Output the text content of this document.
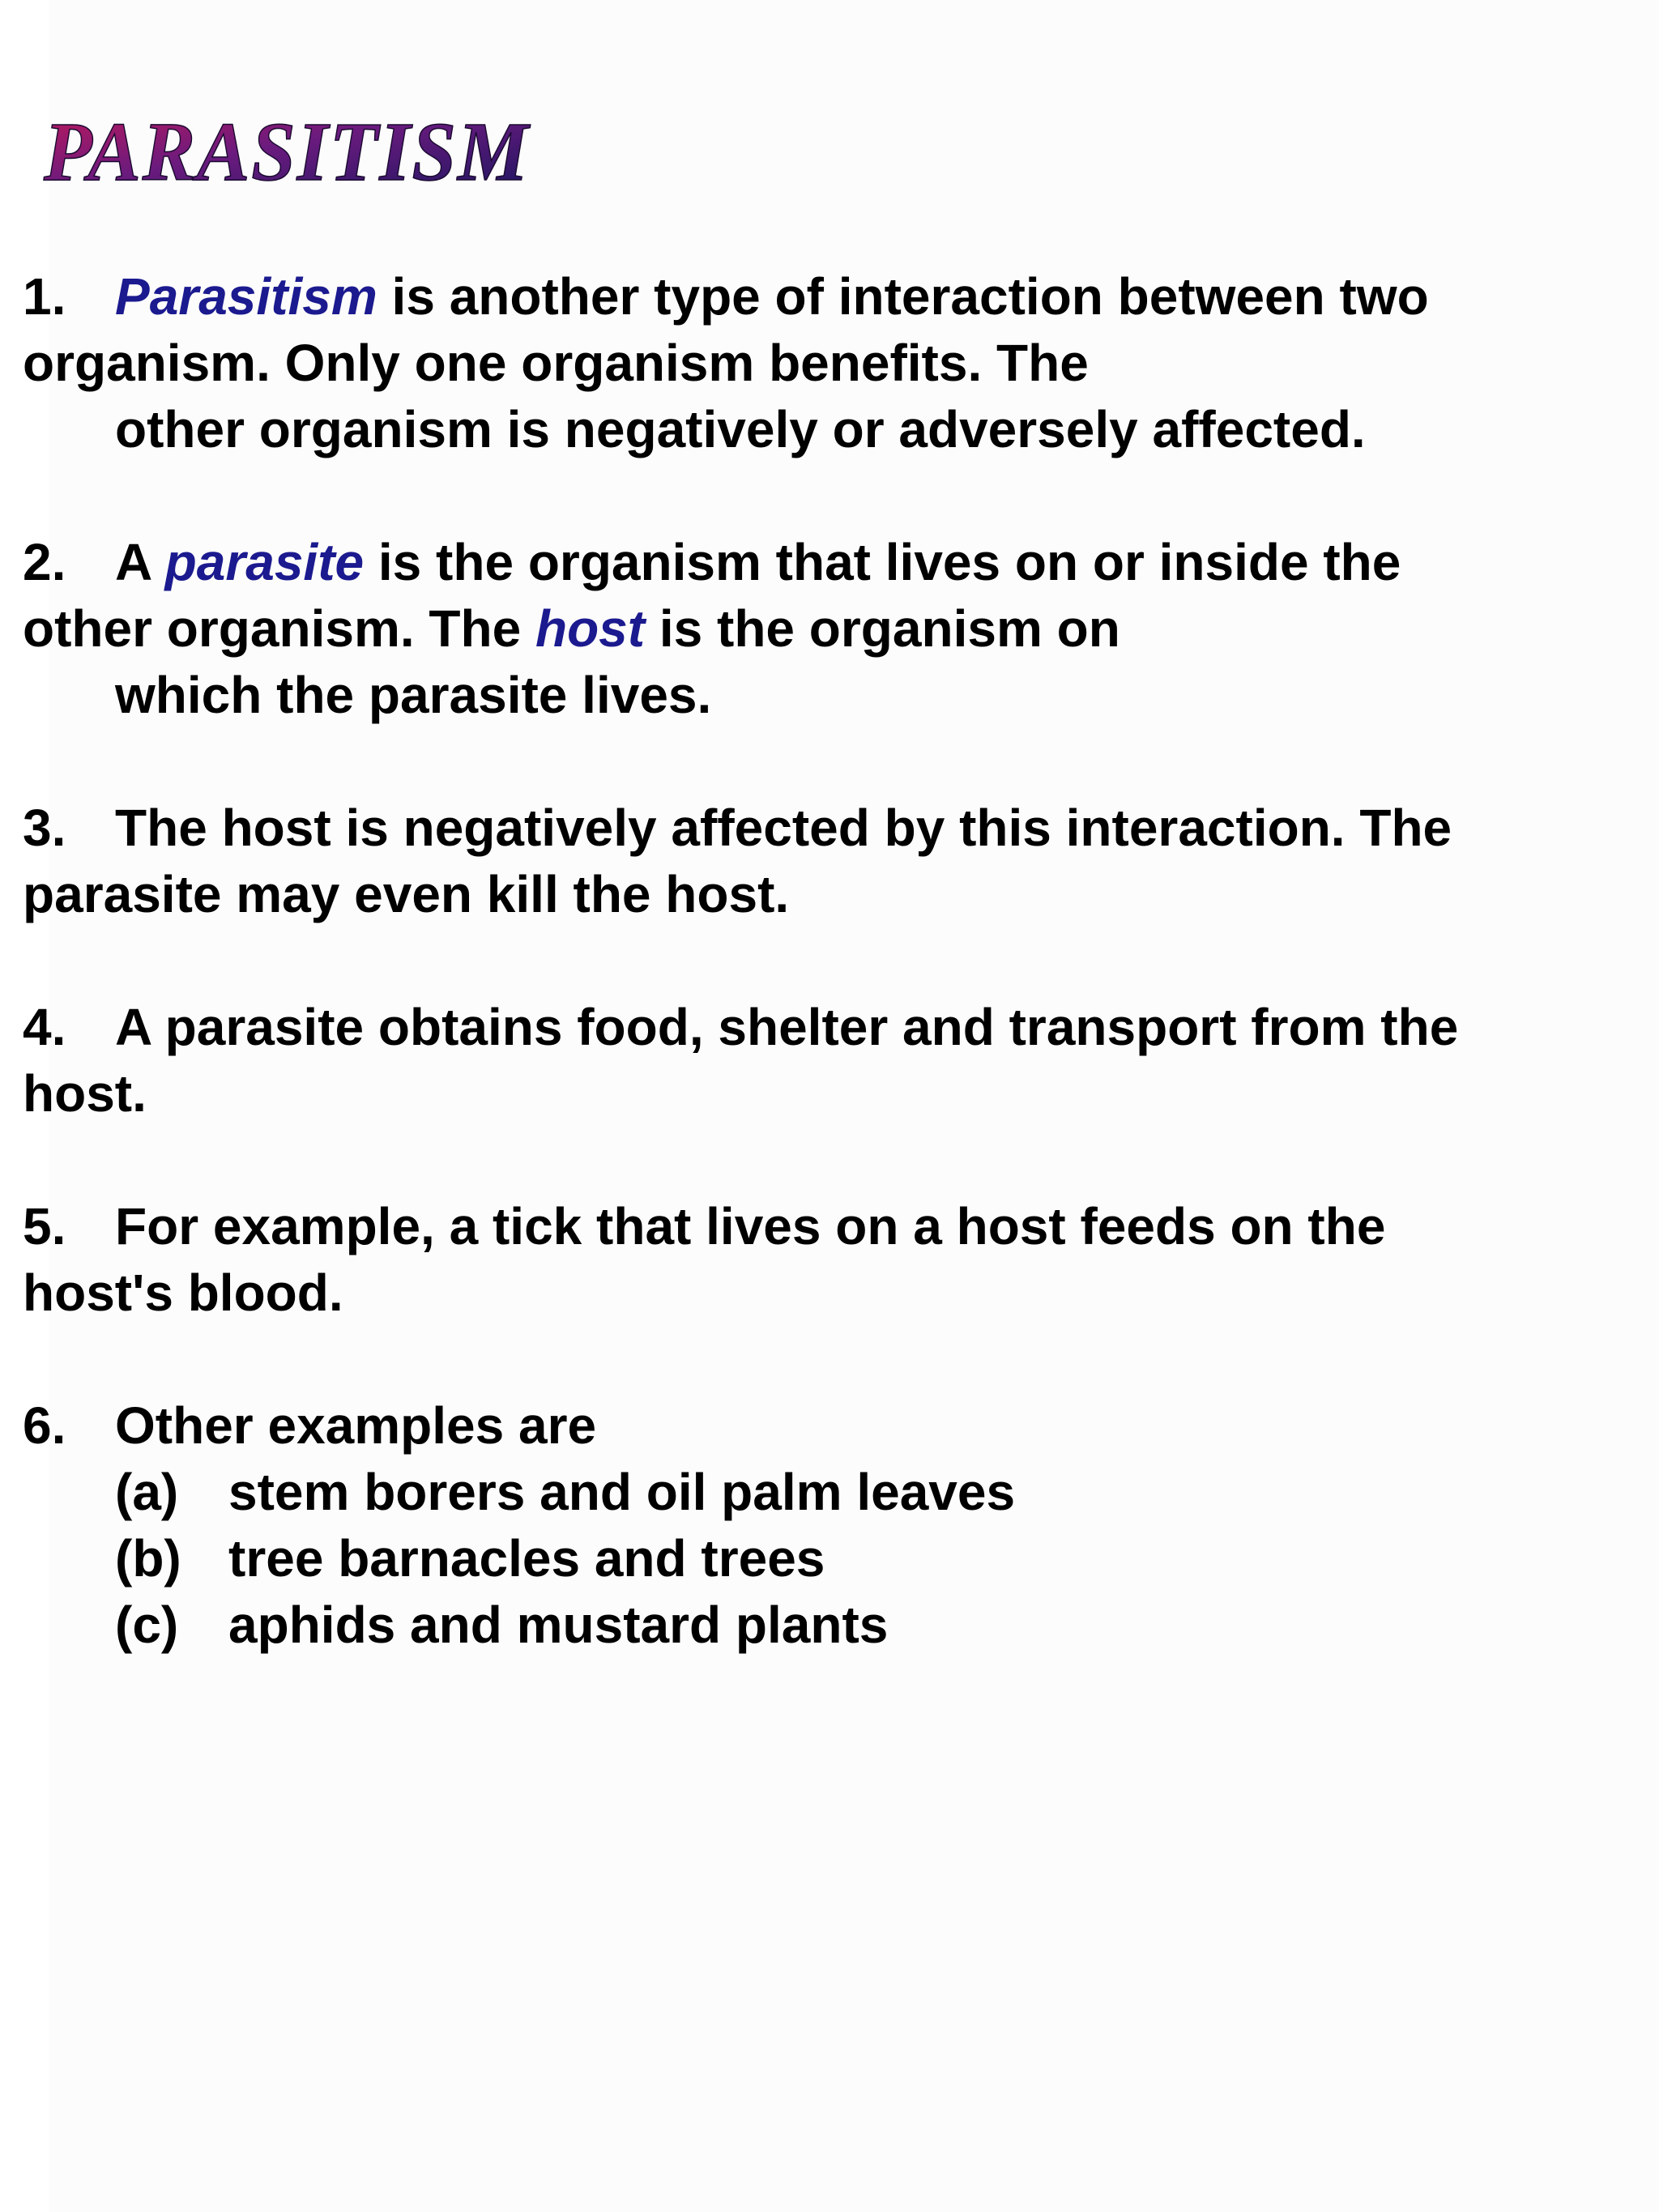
PARASITISM
1. Parasitism is another type of interaction between two
organism. Only one organism benefits. The
other organism is negatively or adversely affected.
2. A parasite is the organism that lives on or inside the
other organism. The host is the organism on
which the parasite lives.
3. The host is negatively affected by this interaction. The
parasite may even kill the host.
4. A parasite obtains food, shelter and transport from the
host.
5. For example, a tick that lives on a host feeds on the
host's blood.
6. Other examples are
(a) stem borers and oil palm leaves
(b) tree barnacles and trees
(c) aphids and mustard plants
